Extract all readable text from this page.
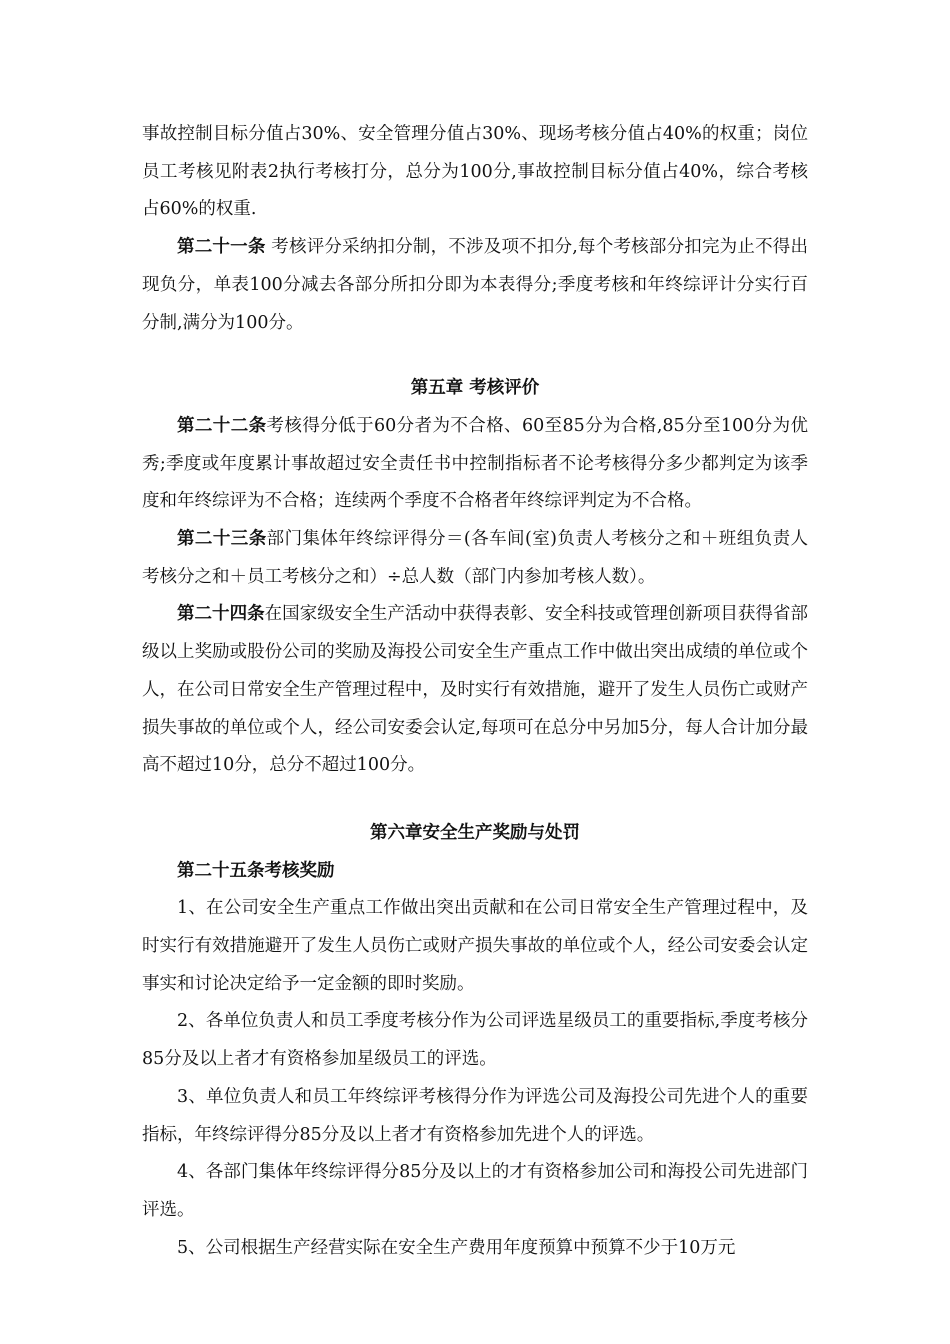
事故控制目标分值占30%、安全管理分值占30%、现场考核分值占40%的权重；岗位员工考核见附表2执行考核打分，总分为100分,事故控制目标分值占40%，综合考核占60%的权重.

第二十一条 考核评分采纳扣分制，不涉及项不扣分,每个考核部分扣完为止不得出现负分，单表100分减去各部分所扣分即为本表得分;季度考核和年终综评计分实行百分制,满分为100分。

第五章 考核评价

第二十二条考核得分低于60分者为不合格、60至85分为合格,85分至100分为优秀;季度或年度累计事故超过安全责任书中控制指标者不论考核得分多少都判定为该季度和年终综评为不合格；连续两个季度不合格者年终综评判定为不合格。

第二十三条部门集体年终综评得分＝(各车间(室)负责人考核分之和＋班组负责人考核分之和＋员工考核分之和）÷总人数（部门内参加考核人数）。

第二十四条在国家级安全生产活动中获得表彰、安全科技或管理创新项目获得省部级以上奖励或股份公司的奖励及海投公司安全生产重点工作中做出突出成绩的单位或个人，在公司日常安全生产管理过程中，及时实行有效措施，避开了发生人员伤亡或财产损失事故的单位或个人，经公司安委会认定,每项可在总分中另加5分，每人合计加分最高不超过10分，总分不超过100分。

第六章安全生产奖励与处罚

第二十五条考核奖励

1、在公司安全生产重点工作做出突出贡献和在公司日常安全生产管理过程中，及时实行有效措施避开了发生人员伤亡或财产损失事故的单位或个人，经公司安委会认定事实和讨论决定给予一定金额的即时奖励。

2、各单位负责人和员工季度考核分作为公司评选星级员工的重要指标,季度考核分85分及以上者才有资格参加星级员工的评选。

3、单位负责人和员工年终综评考核得分作为评选公司及海投公司先进个人的重要指标，年终综评得分85分及以上者才有资格参加先进个人的评选。

4、各部门集体年终综评得分85分及以上的才有资格参加公司和海投公司先进部门评选。

5、公司根据生产经营实际在安全生产费用年度预算中预算不少于10万元
